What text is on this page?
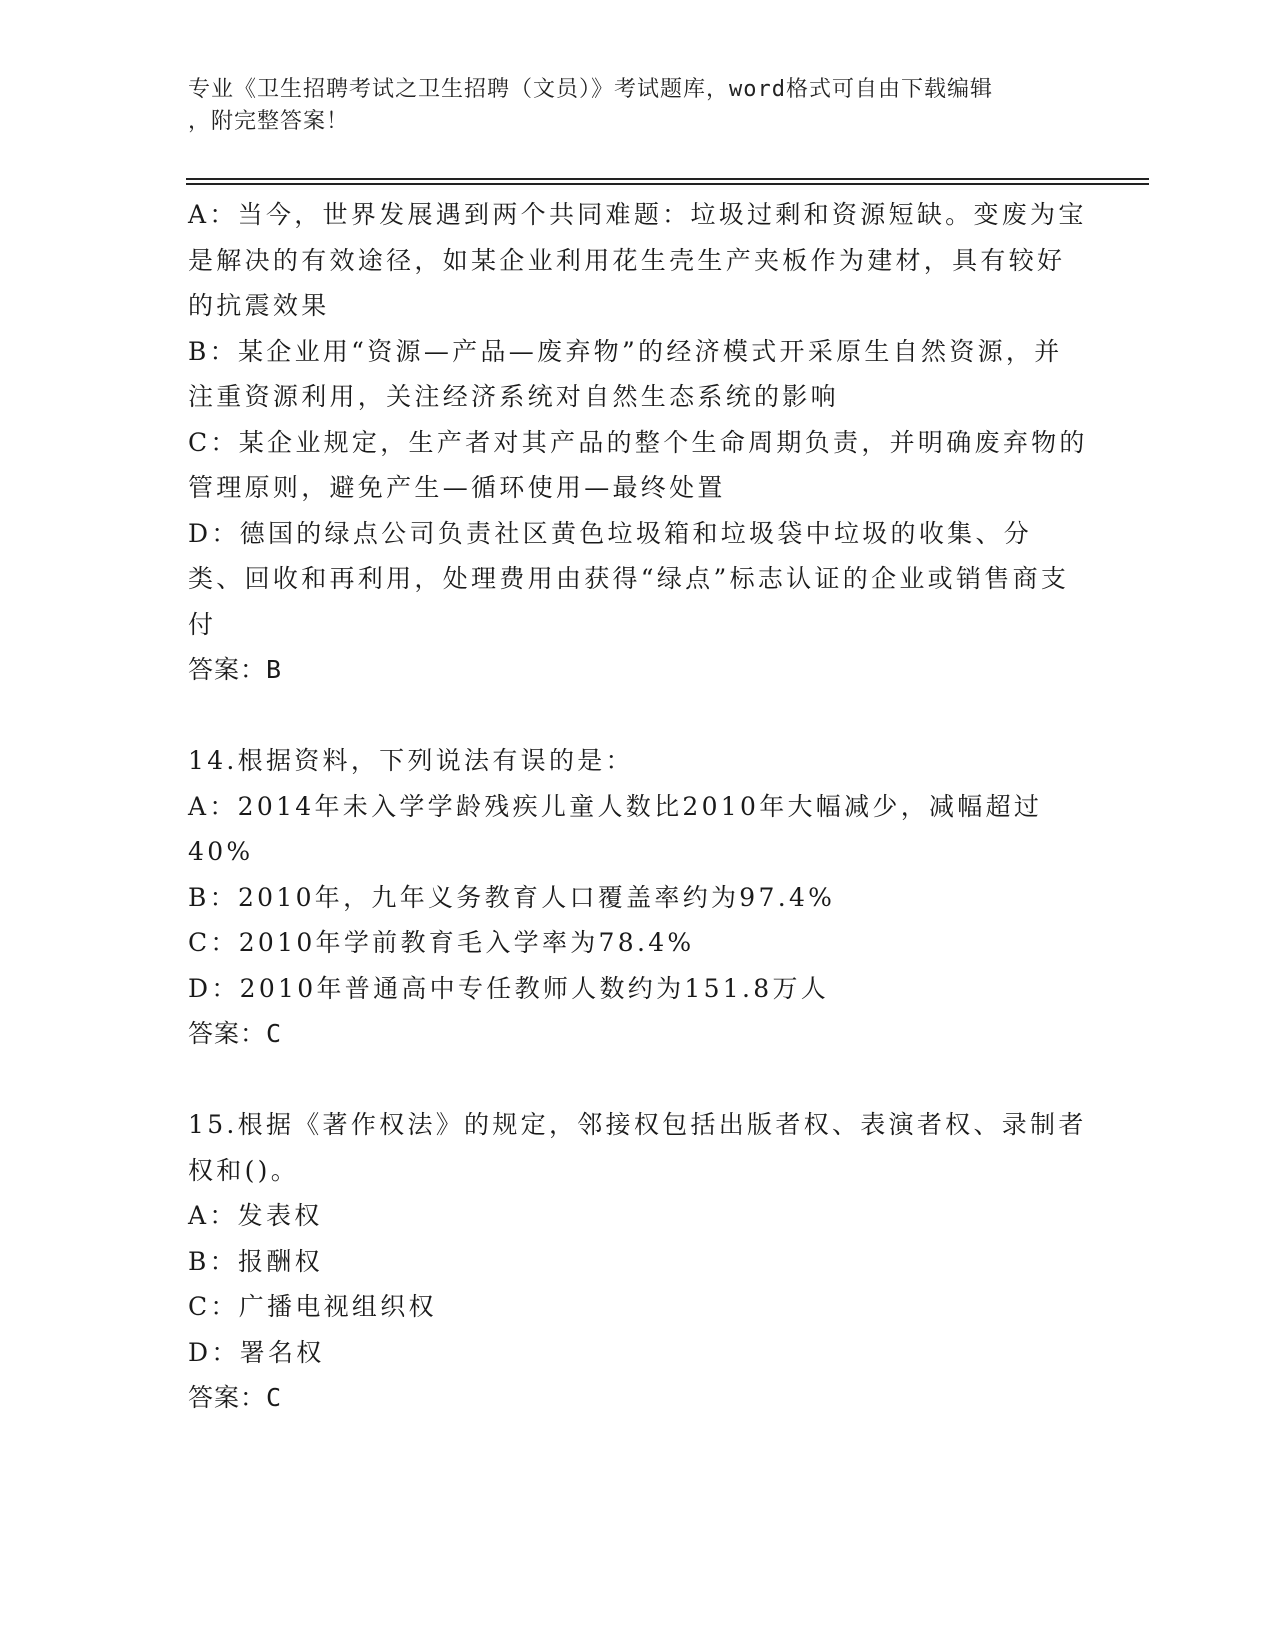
专业《卫生招聘考试之卫生招聘（文员）》考试题库，word格式可自由下载编辑
，附完整答案！

A：当今，世界发展遇到两个共同难题：垃圾过剩和资源短缺。变废为宝是解决的有效途径，如某企业利用花生壳生产夹板作为建材，具有较好的抗震效果

B：某企业用“资源—产品—废弃物”的经济模式开采原生自然资源，并注重资源利用，关注经济系统对自然生态系统的影响

C：某企业规定，生产者对其产品的整个生命周期负责，并明确废弃物的管理原则，避免产生—循环使用—最终处置

D：德国的绿点公司负责社区黄色垃圾箱和垃圾袋中垃圾的收集、分类、回收和再利用，处理费用由获得“绿点”标志认证的企业或销售商支付

答案：B

14.根据资料，下列说法有误的是：

A：2014年未入学学龄残疾儿童人数比2010年大幅减少，减幅超过40%

B：2010年，九年义务教育人口覆盖率约为97.4%

C：2010年学前教育毛入学率为78.4%

D：2010年普通高中专任教师人数约为151.8万人

答案：C

15.根据《著作权法》的规定，邻接权包括出版者权、表演者权、录制者权和()。

A：发表权

B：报酬权

C：广播电视组织权

D：署名权

答案：C
